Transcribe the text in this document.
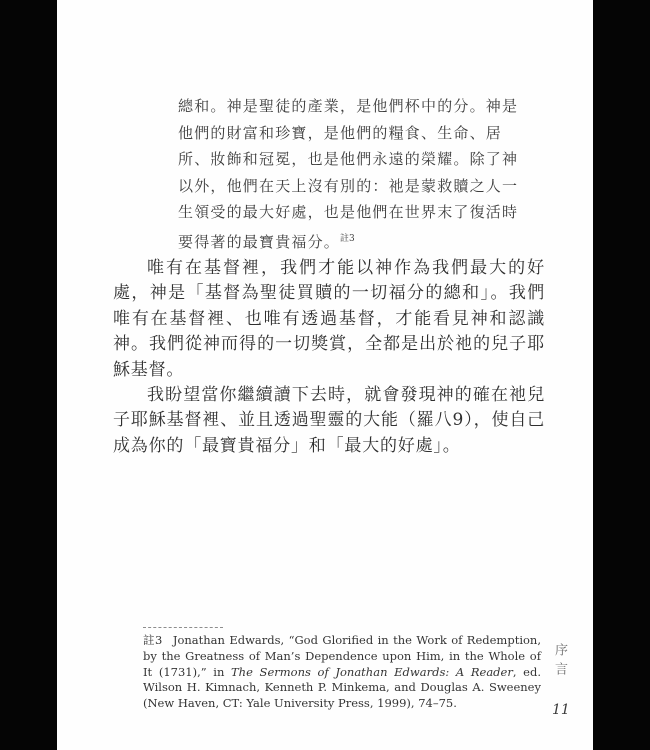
總和。神是聖徒的產業，是他們杯中的分。神是
他們的財富和珍寶，是他們的糧食、生命、居
所、妝飾和冠冕，也是他們永遠的榮耀。除了神
以外，他們在天上沒有別的：祂是蒙救贖之人一
生領受的最大好處，也是他們在世界末了復活時
要得著的最寶貴福分。$^{註3}$

唯有在基督裡，我們才能以神作為我們最大的好處，神是「基督為聖徒買贖的一切福分的總和」。我們唯有在基督裡、也唯有透過基督，才能看見神和認識神。我們從神而得的一切獎賞，全都是出於祂的兒子耶穌基督。

我盼望當你繼續讀下去時，就會發現神的確在祂兒子耶穌基督裡、並且透過聖靈的大能（羅八9），使自己成為你的「最寶貴福分」和「最大的好處」。

註3 Jonathan Edwards, “God Glorified in the Work of Redemption, by the Greatness of Man’s Dependence upon Him, in the Whole of It (1731),” in The Sermons of Jonathan Edwards: A Reader, ed. Wilson H. Kimnach, Kenneth P. Minkema, and Douglas A. Sweeney (New Haven, CT: Yale University Press, 1999), 74–75.
序言
11
